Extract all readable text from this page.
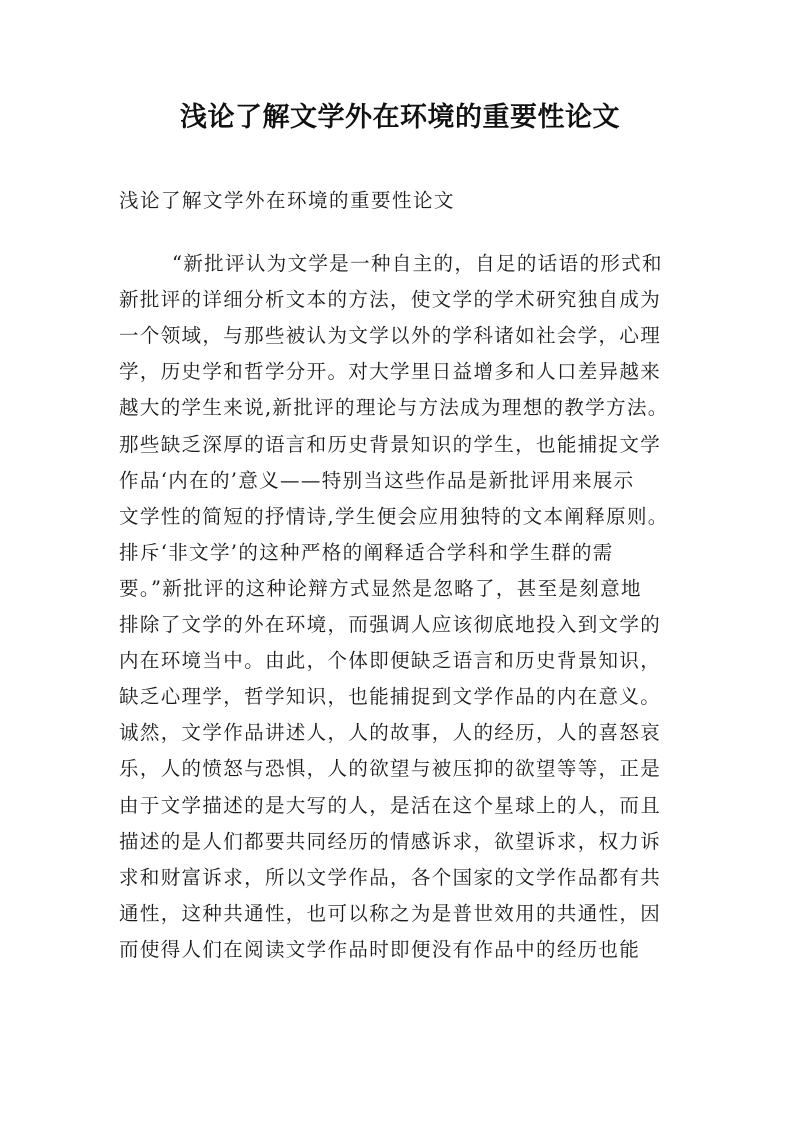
浅论了解文学外在环境的重要性论文

浅论了解文学外在环境的重要性论文

“新批评认为文学是一种自主的，自足的话语的形式和

新批评的详细分析文本的方法，使文学的学术研究独自成为

一个领域，与那些被认为文学以外的学科诸如社会学，心理

学，历史学和哲学分开。对大学里日益增多和人口差异越来

越大的学生来说,新批评的理论与方法成为理想的教学方法。

那些缺乏深厚的语言和历史背景知识的学生，也能捕捉文学

作品‘内在的’意义——特别当这些作品是新批评用来展示

文学性的简短的抒情诗,学生便会应用独特的文本阐释原则。

排斥‘非文学’的这种严格的阐释适合学科和学生群的需

要。”新批评的这种论辩方式显然是忽略了，甚至是刻意地

排除了文学的外在环境，而强调人应该彻底地投入到文学的

内在环境当中。由此，个体即便缺乏语言和历史背景知识，

缺乏心理学，哲学知识，也能捕捉到文学作品的内在意义。

诚然，文学作品讲述人，人的故事，人的经历，人的喜怒哀

乐，人的愤怒与恐惧，人的欲望与被压抑的欲望等等，正是

由于文学描述的是大写的人，是活在这个星球上的人，而且

描述的是人们都要共同经历的情感诉求，欲望诉求，权力诉

求和财富诉求，所以文学作品，各个国家的文学作品都有共

通性，这种共通性，也可以称之为是普世效用的共通性，因

而使得人们在阅读文学作品时即便没有作品中的经历也能
